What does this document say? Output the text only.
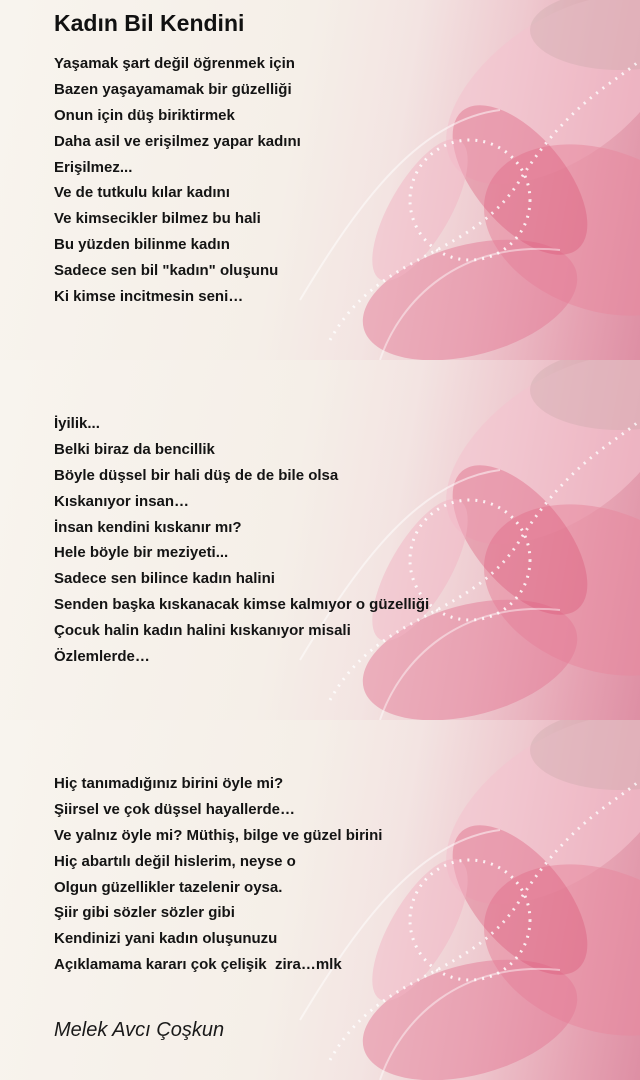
Kadın Bil Kendini
Yaşamak şart değil öğrenmek için
Bazen yaşayamamak bir güzelliği
Onun için düş biriktirmek
Daha asil ve erişilmez yapar kadını
Erişilmez...
Ve de tutkulu kılar kadını
Ve kimsecikler bilmez bu hali
Bu yüzden bilinme kadın
Sadece sen bil "kadın" oluşunu
Ki kimse incitmesin seni…
İyilik...
Belki biraz da bencillik
Böyle düşsel bir hali düş de de bile olsa
Kıskanıyor insan…
İnsan kendini kıskanır mı?
Hele böyle bir meziyeti...
Sadece sen bilince kadın halini
Senden başka kıskanacak kimse kalmıyor o güzelliği
Çocuk halin kadın halini kıskanıyor misali
Özlemlerde…
Hiç tanımadığınız birini öyle mi?
Şiirsel ve çok düşsel hayallerde…
Ve yalnız öyle mi? Müthiş, bilge ve güzel birini
Hiç abartılı değil hislerim, neyse o
Olgun güzellikler tazelenir oysa.
Şiir gibi sözler sözler gibi
Kendinizi yani kadın oluşunuzu
Açıklamama kararı çok çelişik  zira…mlk
Melek Avcı Çoşkun
